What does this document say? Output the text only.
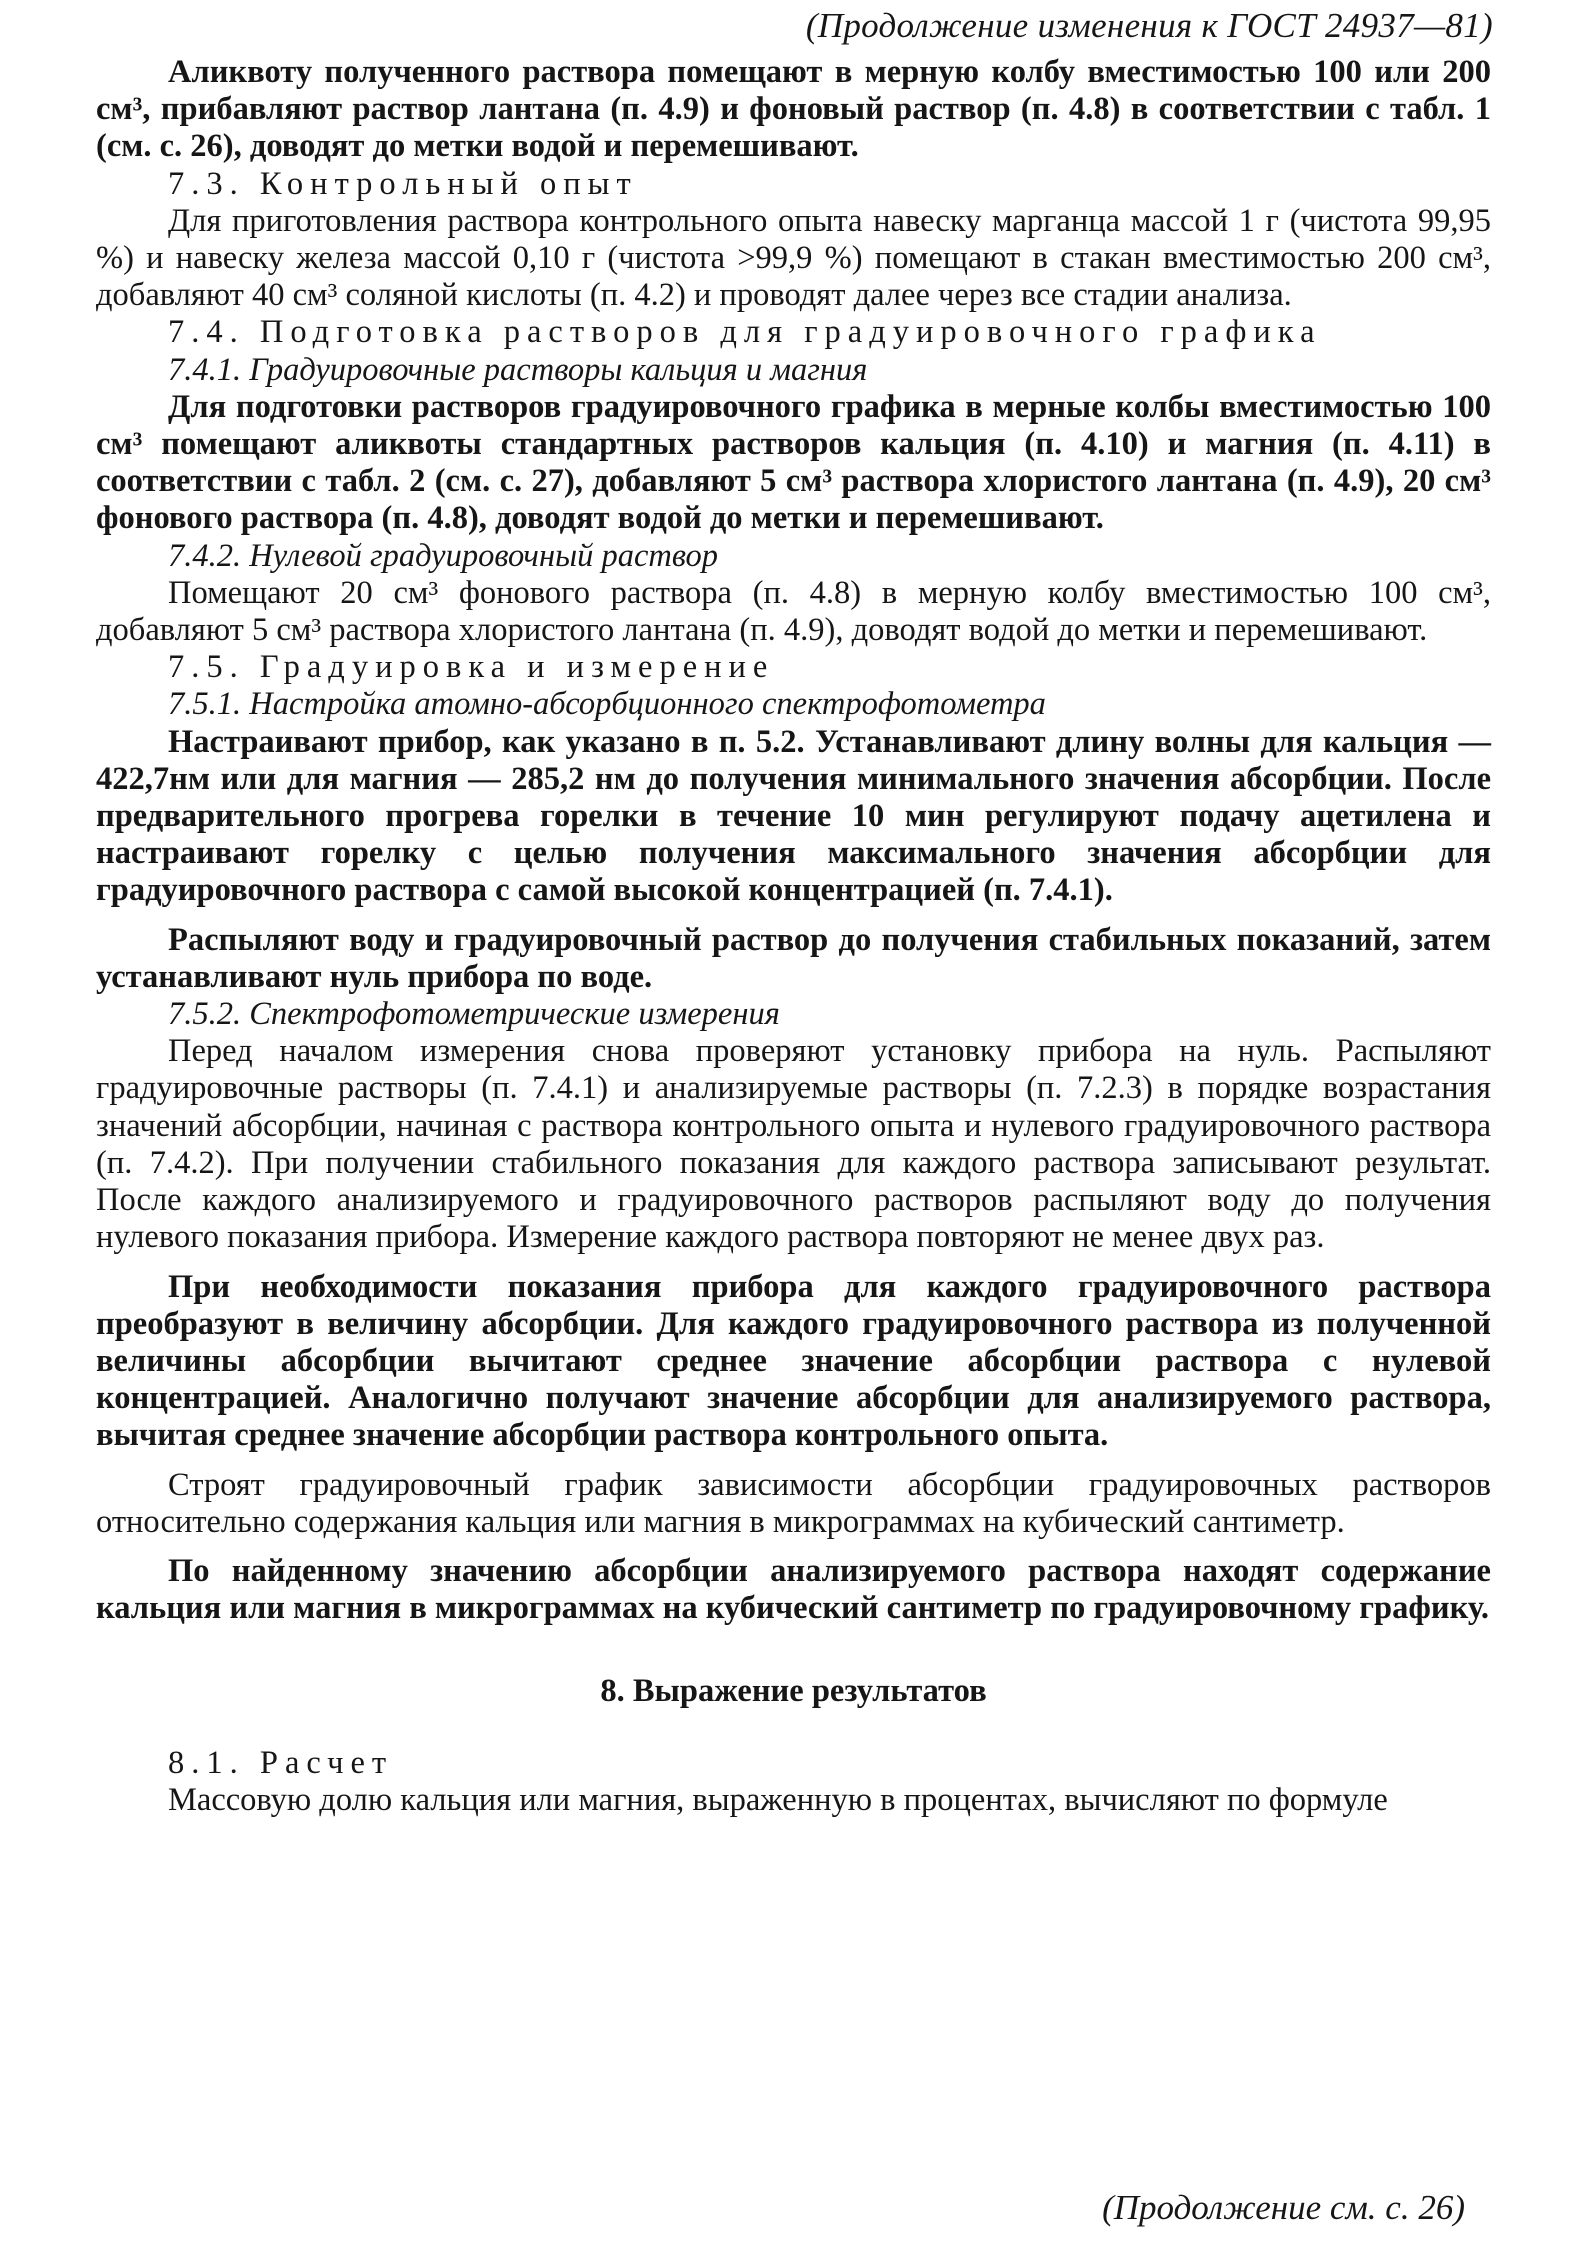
(Продолжение изменения к ГОСТ 24937—81)

Аликвоту полученного раствора помещают в мерную колбу вместимостью 100 или 200 см³, прибавляют раствор лантана (п. 4.9) и фоновый раствор (п. 4.8) в соответствии с табл. 1 (см. с. 26), доводят до метки водой и перемешивают.

7.3. Контрольный опыт

Для приготовления раствора контрольного опыта навеску марганца массой 1 г (чистота 99,95 %) и навеску железа массой 0,10 г (чистота >99,9 %) помещают в стакан вместимостью 200 см³, добавляют 40 см³ соляной кислоты (п. 4.2) и проводят далее через все стадии анализа.

7.4. Подготовка растворов для градуировочного графика

7.4.1. Градуировочные растворы кальция и магния

Для подготовки растворов градуировочного графика в мерные колбы вместимостью 100 см³ помещают аликвоты стандартных растворов кальция (п. 4.10) и магния (п. 4.11) в соответствии с табл. 2 (см. с. 27), добавляют 5 см³ раствора хлористого лантана (п. 4.9), 20 см³ фонового раствора (п. 4.8), доводят водой до метки и перемешивают.

7.4.2. Нулевой градуировочный раствор

Помещают 20 см³ фонового раствора (п. 4.8) в мерную колбу вместимостью 100 см³, добавляют 5 см³ раствора хлористого лантана (п. 4.9), доводят водой до метки и перемешивают.

7.5. Градуировка и измерение

7.5.1. Настройка атомно-абсорбционного спектрофотометра

Настраивают прибор, как указано в п. 5.2. Устанавливают длину волны для кальция —422,7нм или для магния — 285,2 нм до получения минимального значения абсорбции. После предварительного прогрева горелки в течение 10 мин регулируют подачу ацетилена и настраивают горелку с целью получения максимального значения абсорбции для градуировочного раствора с самой высокой концентрацией (п. 7.4.1).

Распыляют воду и градуировочный раствор до получения стабильных показаний, затем устанавливают нуль прибора по воде.

7.5.2. Спектрофотометрические измерения

Перед началом измерения снова проверяют установку прибора на нуль. Распыляют градуировочные растворы (п. 7.4.1) и анализируемые растворы (п. 7.2.3) в порядке возрастания значений абсорбции, начиная с раствора контрольного опыта и нулевого градуировочного раствора (п. 7.4.2). При получении стабильного показания для каждого раствора записывают результат. После каждого анализируемого и градуировочного растворов распыляют воду до получения нулевого показания прибора. Измерение каждого раствора повторяют не менее двух раз.

При необходимости показания прибора для каждого градуировочного раствора преобразуют в величину абсорбции. Для каждого градуировочного раствора из полученной величины абсорбции вычитают среднее значение абсорбции раствора с нулевой концентрацией. Аналогично получают значение абсорбции для анализируемого раствора, вычитая среднее значение абсорбции раствора контрольного опыта.

Строят градуировочный график зависимости абсорбции градуировочных растворов относительно содержания кальция или магния в микрограммах на кубический сантиметр.

По найденному значению абсорбции анализируемого раствора находят содержание кальция или магния в микрограммах на кубический сантиметр по градуировочному графику.

8. Выражение результатов

8.1. Расчет

Массовую долю кальция или магния, выраженную в процентах, вычисляют по формуле

(Продолжение см. с. 26)
